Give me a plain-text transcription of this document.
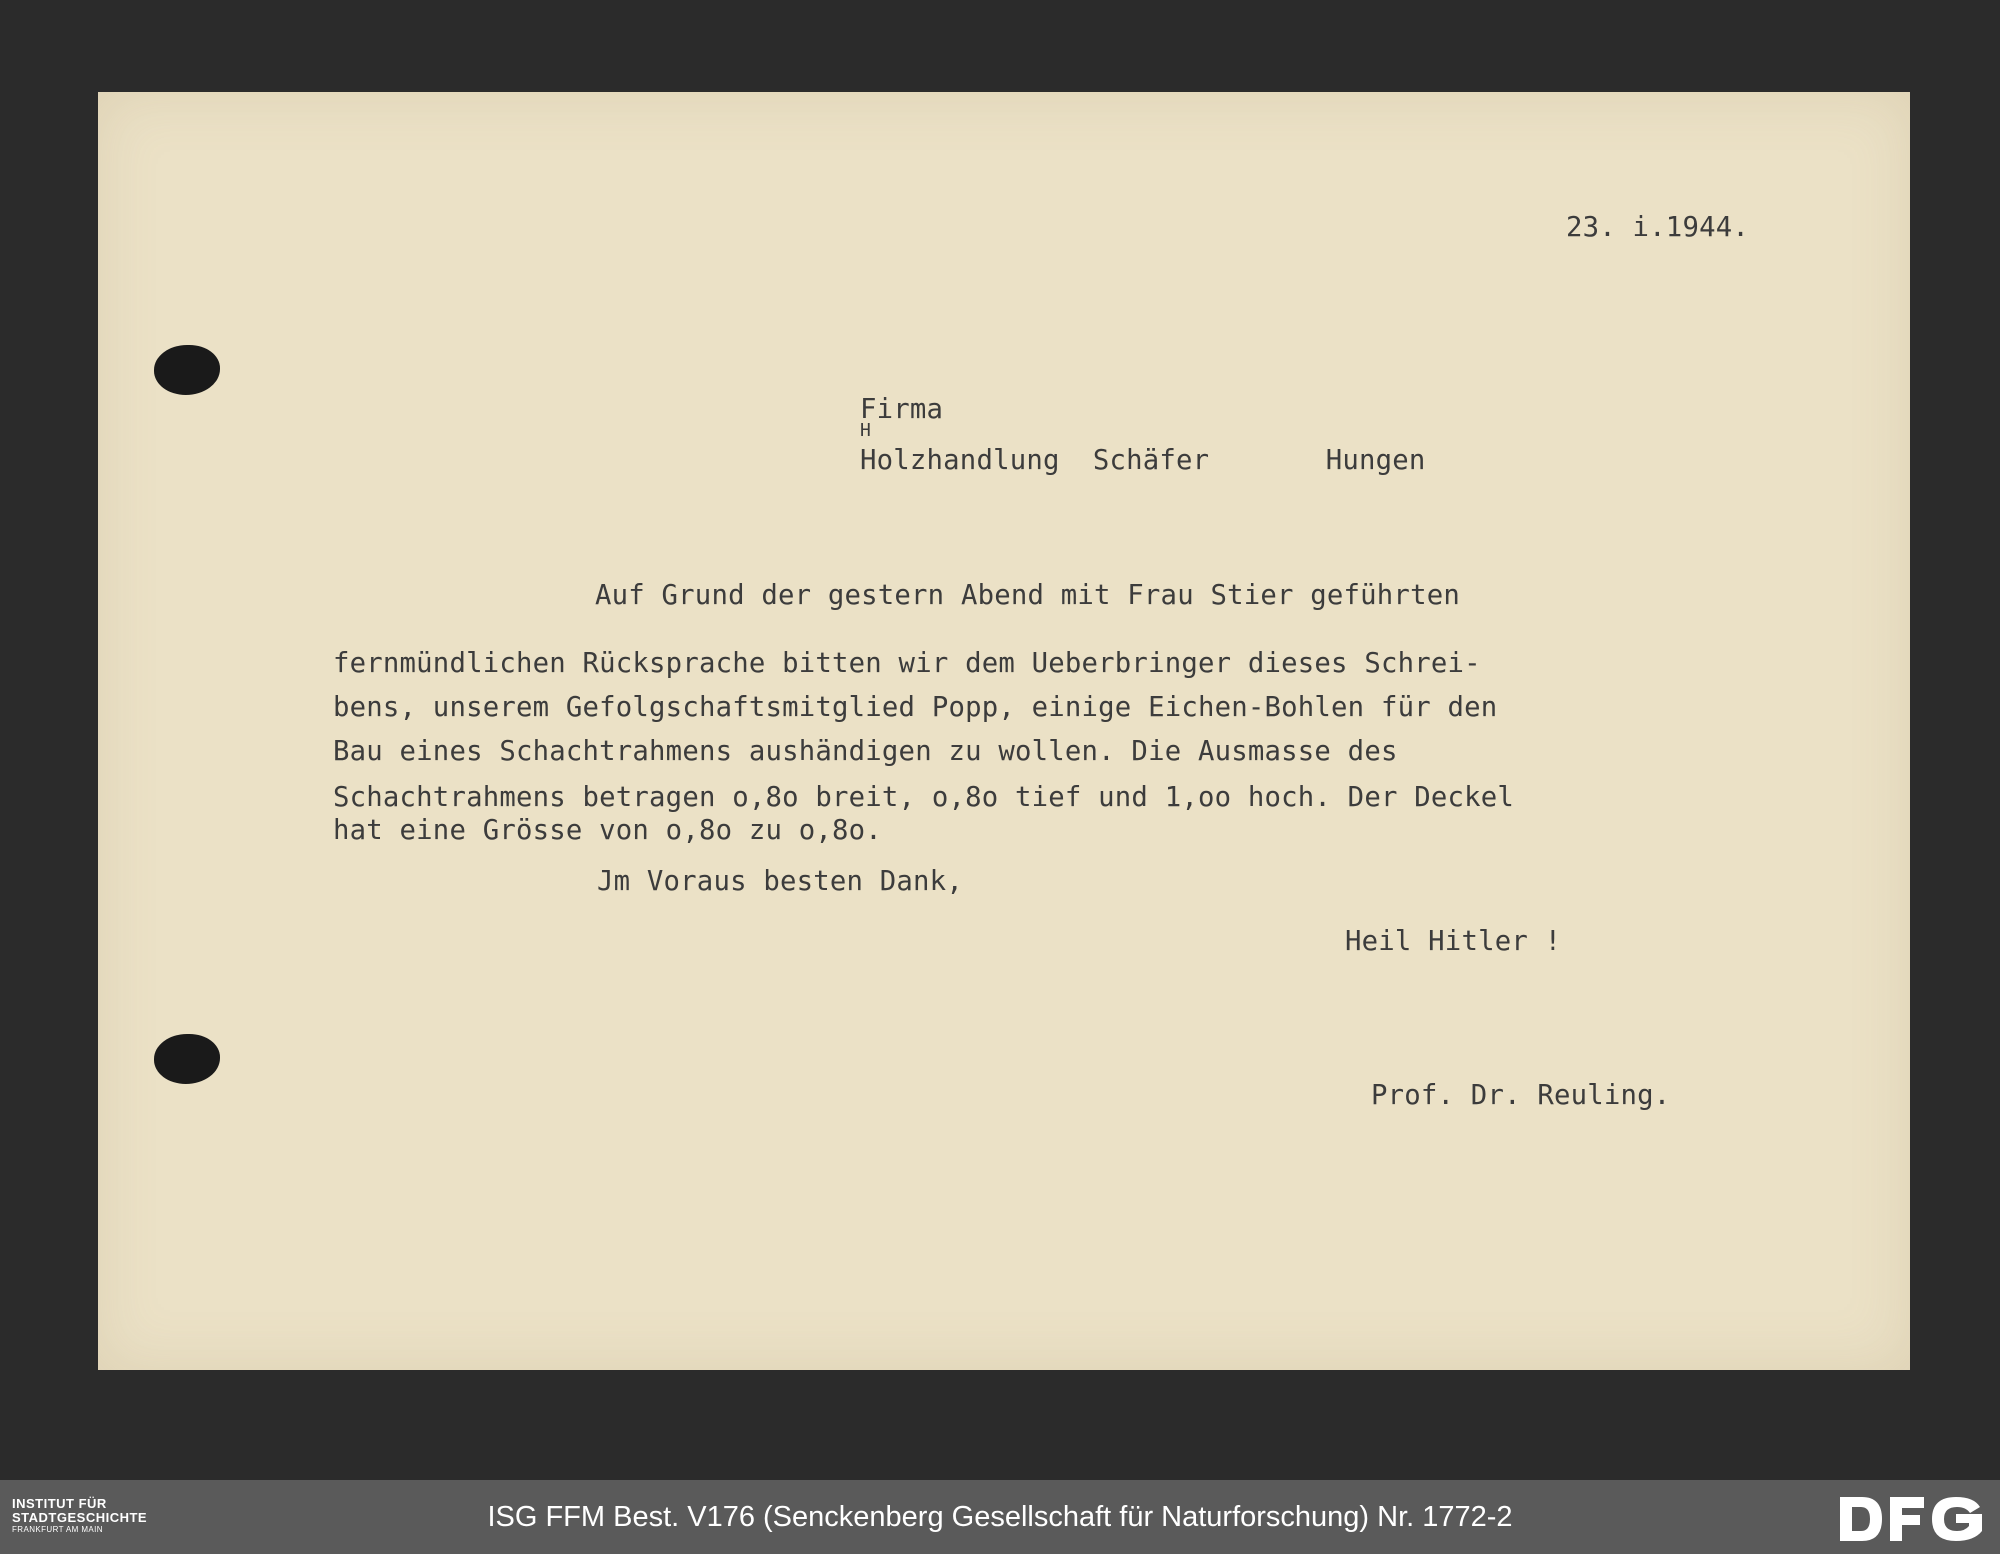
23. i.1944.
Firma
H
Holzhandlung  Schäfer       Hungen
Auf Grund der gestern Abend mit Frau Stier geführten
fernmündlichen Rücksprache bitten wir dem Ueberbringer dieses Schrei-
bens, unserem Gefolgschaftsmitglied Popp, einige Eichen-Bohlen für den
Bau eines Schachtrahmens aushändigen zu wollen. Die Ausmasse des
Schachtrahmens betragen o,8o breit, o,8o tief und 1,oo hoch. Der Deckel
hat eine Grösse von o,8o zu o,8o.
Jm Voraus besten Dank,
Heil Hitler !
Prof. Dr. Reuling.
INSTITUT FÜR
STADTGESCHICHTE
FRANKFURT AM MAIN	ISG FFM Best. V176 (Senckenberg Gesellschaft für Naturforschung) Nr. 1772-2
